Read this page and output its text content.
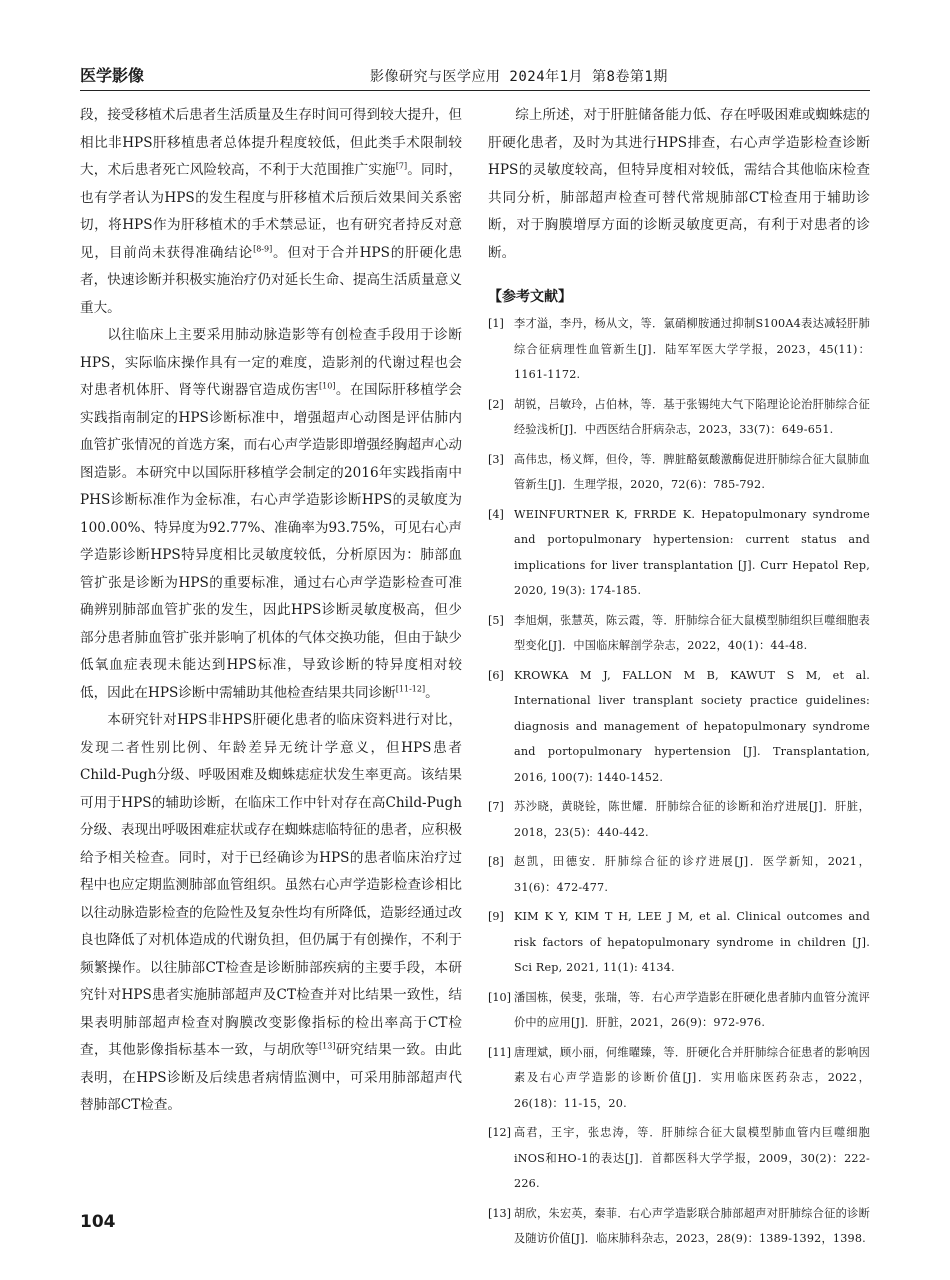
医学影像	影像研究与医学应用 2024年1月 第8卷第1期

段，接受移植术后患者生活质量及生存时间可得到较大提升，但相比非HPS肝移植患者总体提升程度较低，但此类手术限制较大，术后患者死亡风险较高，不利于大范围推广实施[7]。同时，也有学者认为HPS的发生程度与肝移植术后预后效果间关系密切，将HPS作为肝移植术的手术禁忌证，也有研究者持反对意见，目前尚未获得准确结论[8-9]。但对于合并HPS的肝硬化患者，快速诊断并积极实施治疗仍对延长生命、提高生活质量意义重大。

以往临床上主要采用肺动脉造影等有创检查手段用于诊断HPS，实际临床操作具有一定的难度，造影剂的代谢过程也会对患者机体肝、肾等代谢器官造成伤害[10]。在国际肝移植学会实践指南制定的HPS诊断标准中，增强超声心动图是评估肺内血管扩张情况的首选方案，而右心声学造影即增强经胸超声心动图造影。本研究中以国际肝移植学会制定的2016年实践指南中PHS诊断标准作为金标准，右心声学造影诊断HPS的灵敏度为100.00%、特异度为92.77%、准确率为93.75%，可见右心声学造影诊断HPS特异度相比灵敏度较低，分析原因为：肺部血管扩张是诊断为HPS的重要标准，通过右心声学造影检查可准确辨别肺部血管扩张的发生，因此HPS诊断灵敏度极高，但少部分患者肺血管扩张并影响了机体的气体交换功能，但由于缺少低氧血症表现未能达到HPS标准，导致诊断的特异度相对较低，因此在HPS诊断中需辅助其他检查结果共同诊断[11-12]。

本研究针对HPS非HPS肝硬化患者的临床资料进行对比，发现二者性别比例、年龄差异无统计学意义，但HPS患者Child-Pugh分级、呼吸困难及蜘蛛痣症状发生率更高。该结果可用于HPS的辅助诊断，在临床工作中针对存在高Child-Pugh分级、表现出呼吸困难症状或存在蜘蛛痣临特征的患者，应积极给予相关检查。同时，对于已经确诊为HPS的患者临床治疗过程中也应定期监测肺部血管组织。虽然右心声学造影检查诊相比以往动脉造影检查的危险性及复杂性均有所降低，造影经通过改良也降低了对机体造成的代谢负担，但仍属于有创操作，不利于频繁操作。以往肺部CT检查是诊断肺部疾病的主要手段，本研究针对HPS患者实施肺部超声及CT检查并对比结果一致性，结果表明肺部超声检查对胸膜改变影像指标的检出率高于CT检查，其他影像指标基本一致，与胡欣等[13]研究结果一致。由此表明，在HPS诊断及后续患者病情监测中，可采用肺部超声代替肺部CT检查。

综上所述，对于肝脏储备能力低、存在呼吸困难或蜘蛛痣的肝硬化患者，及时为其进行HPS排查，右心声学造影检查诊断HPS的灵敏度较高，但特异度相对较低，需结合其他临床检查共同分析，肺部超声检查可替代常规肺部CT检查用于辅助诊断，对于胸膜增厚方面的诊断灵敏度更高，有利于对患者的诊断。

【参考文献】
[1] 李才溢，李丹，杨从文，等．氯硝柳胺通过抑制S100A4表达减轻肝肺综合征病理性血管新生[J]．陆军军医大学学报，2023，45(11)：1161-1172.
[2] 胡锐，吕敏玲，占伯林，等．基于张锡纯大气下陷理论论治肝肺综合征经验浅析[J]．中西医结合肝病杂志，2023，33(7)：649-651.
[3] 高伟忠，杨义辉，但伶，等．脾脏酪氨酸激酶促进肝肺综合征大鼠肺血管新生[J]．生理学报，2020，72(6)：785-792.
[4] WEINFURTNER K, FRRDE K. Hepatopulmonary syndrome and portopulmonary hypertension: current status and implications for liver transplantation [J]. Curr Hepatol Rep, 2020, 19(3): 174-185.
[5] 李旭炯，张慧英，陈云霞，等．肝肺综合征大鼠模型肺组织巨噬细胞表型变化[J]．中国临床解剖学杂志，2022，40(1)：44-48.
[6] KROWKA M J, FALLON M B, KAWUT S M, et al. International liver transplant society practice guidelines: diagnosis and management of hepatopulmonary syndrome and portopulmonary hypertension [J]. Transplantation, 2016, 100(7): 1440-1452.
[7] 苏沙晓，黄晓铨，陈世耀．肝肺综合征的诊断和治疗进展[J]．肝脏，2018，23(5)：440-442.
[8] 赵凯，田德安．肝肺综合征的诊疗进展[J]．医学新知，2021，31(6)：472-477.
[9] KIM K Y, KIM T H, LEE J M, et al. Clinical outcomes and risk factors of hepatopulmonary syndrome in children [J]. Sci Rep, 2021, 11(1): 4134.
[10] 潘国栋，侯斐，张瑞，等．右心声学造影在肝硬化患者肺内血管分流评价中的应用[J]．肝脏，2021，26(9)：972-976.
[11] 唐理斌，顾小丽，何维曜臻，等．肝硬化合并肝肺综合征患者的影响因素及右心声学造影的诊断价值[J]．实用临床医药杂志，2022，26(18)：11-15，20.
[12] 高君，王宇，张忠涛，等．肝肺综合征大鼠模型肺血管内巨噬细胞iNOS和HO-1的表达[J]．首都医科大学学报，2009，30(2)：222-226.
[13] 胡欣，朱宏英，秦菲．右心声学造影联合肺部超声对肝肺综合征的诊断及随访价值[J]．临床肺科杂志，2023，28(9)：1389-1392，1398.
104
